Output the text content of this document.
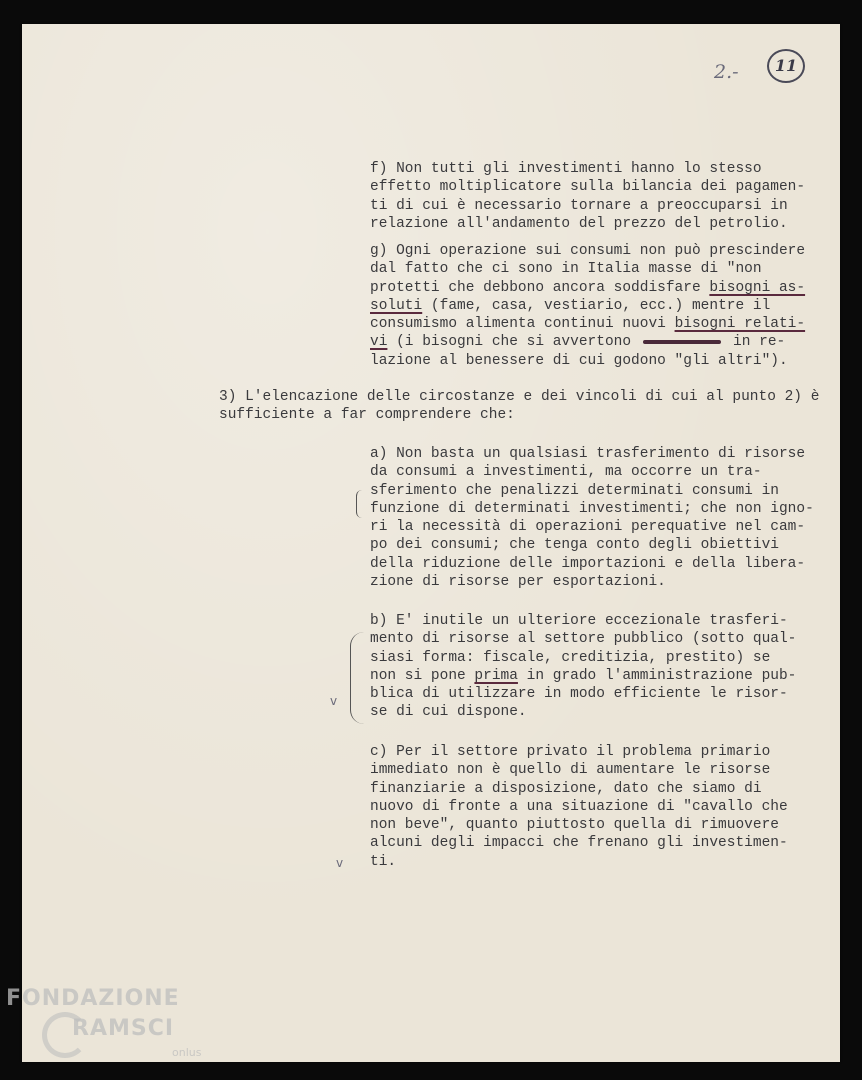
2.-	11
f) Non tutti gli investimenti hanno lo stesso
effetto moltiplicatore sulla bilancia dei pagamen-
ti di cui è necessario tornare a preoccuparsi in
relazione all'andamento del prezzo del petrolio.
g) Ogni operazione sui consumi non può prescindere
dal fatto che ci sono in Italia masse di "non
protetti che debbono ancora soddisfare bisogni as-
soluti (fame, casa, vestiario, ecc.) mentre il
consumismo alimenta continui nuovi bisogni relati-
vi (i bisogni che si avvertono	in re-
lazione al benessere di cui godono "gli altri").
3) L'elencazione delle circostanze e dei vincoli di cui al punto 2) è
sufficiente a far comprendere che:
a) Non basta un qualsiasi trasferimento di risorse
da consumi a investimenti, ma occorre un tra-
sferimento che penalizzi determinati consumi in
funzione di determinati investimenti; che non igno-
ri la necessità di operazioni perequative nel cam-
po dei consumi; che tenga conto degli obiettivi
della riduzione delle importazioni e della libera-
zione di risorse per esportazioni.
b) E' inutile un ulteriore eccezionale trasferi-
mento di risorse al settore pubblico (sotto qual-
siasi forma: fiscale, creditizia, prestito) se
non si pone prima in grado l'amministrazione pub-
blica di utilizzare in modo efficiente le risor-
se di cui dispone.
v
c) Per il settore privato il problema primario
immediato non è quello di aumentare le risorse
finanziarie a disposizione, dato che siamo di
nuovo di fronte a una situazione di "cavallo che
non beve", quanto piuttosto quella di rimuovere
alcuni degli impacci che frenano gli investimen-
ti.
v
FONDAZIONE
RAMSCI
onlus
